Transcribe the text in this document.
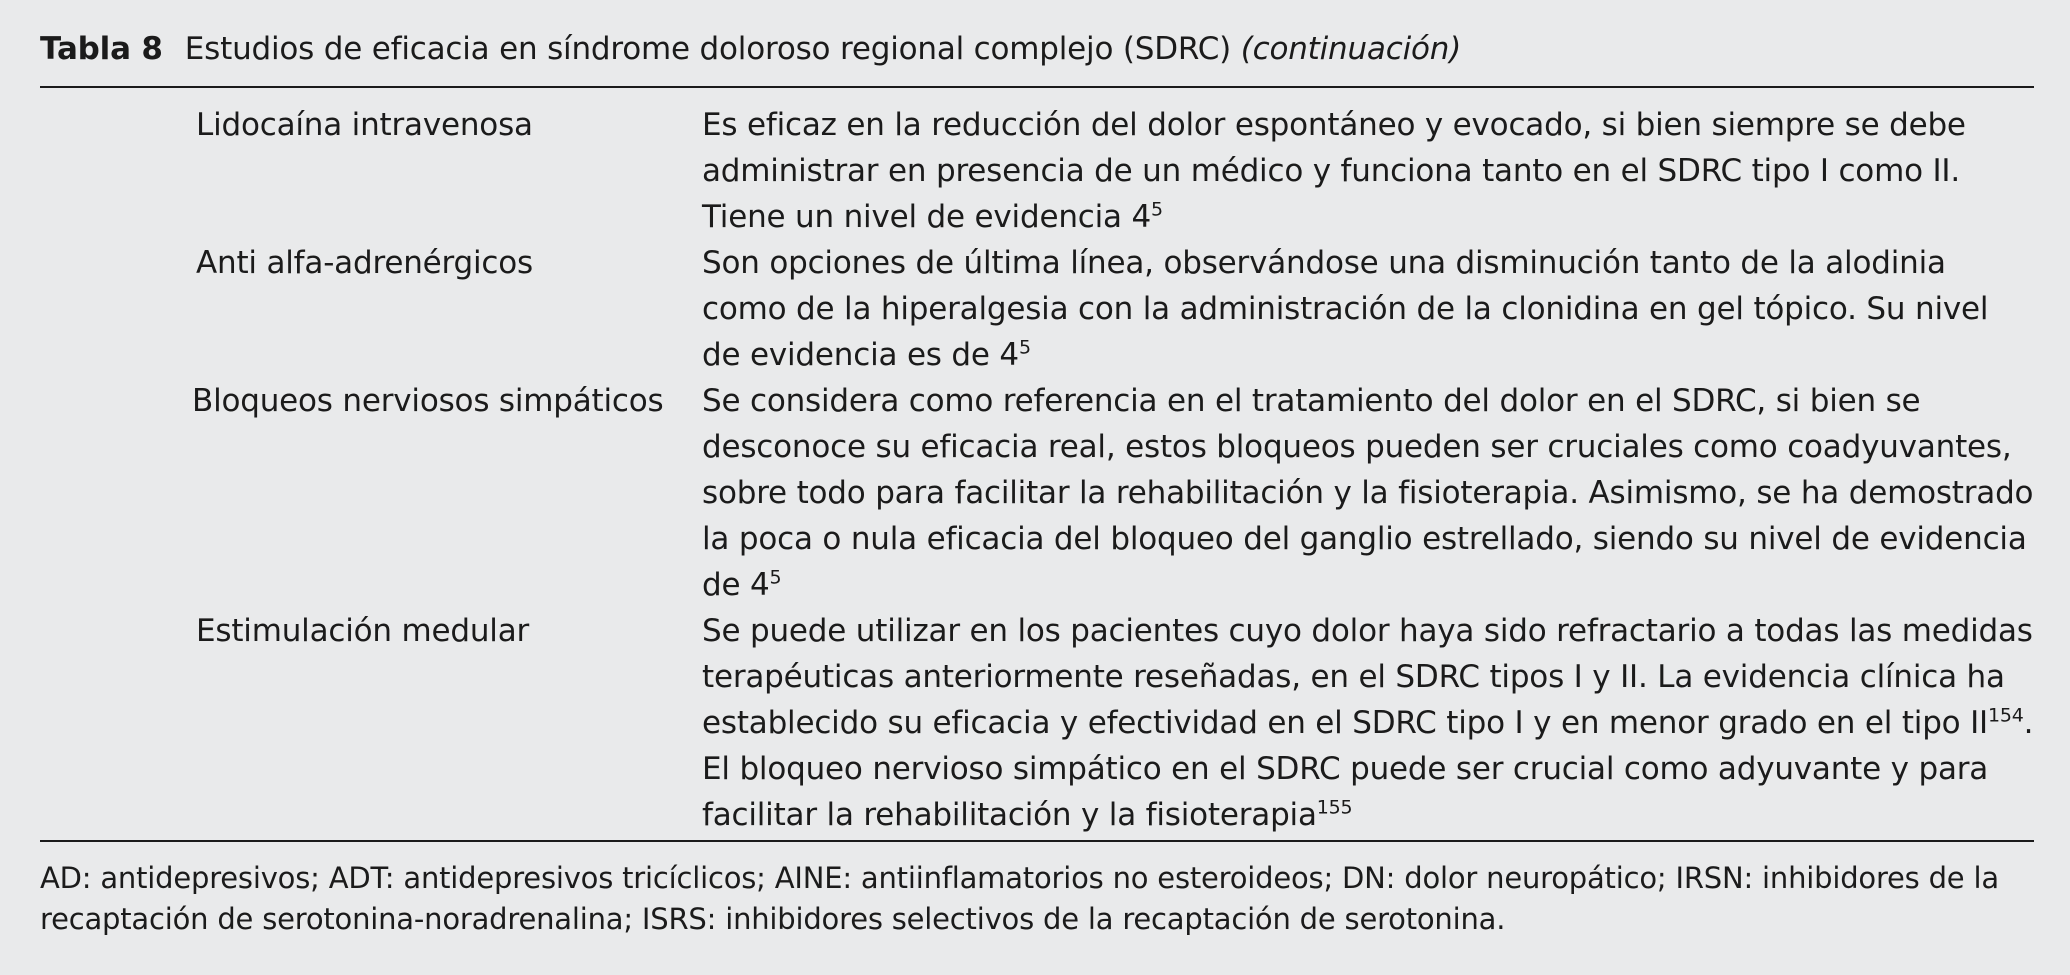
Tabla 8 Estudios de eficacia en síndrome doloroso regional complejo (SDRC) (continuación)
Lidocaína intravenosa	Es eficaz en la reducción del dolor espontáneo y evocado, si bien siempre se debe administrar en presencia de un médico y funciona tanto en el SDRC tipo I como II. Tiene un nivel de evidencia $4^5$
Anti alfa-adrenérgicos	Son opciones de última línea, observándose una disminución tanto de la alodinia como de la hiperalgesia con la administración de la clonidina en gel tópico. Su nivel de evidencia es de $4^5$
Bloqueos nerviosos simpáticos	Se considera como referencia en el tratamiento del dolor en el SDRC, si bien se desconoce su eficacia real, estos bloqueos pueden ser cruciales como coadyuvantes, sobre todo para facilitar la rehabilitación y la fisioterapia. Asimismo, se ha demostrado la poca o nula eficacia del bloqueo del ganglio estrellado, siendo su nivel de evidencia de $4^5$
Estimulación medular	Se puede utilizar en los pacientes cuyo dolor haya sido refractario a todas las medidas terapéuticas anteriormente reseñadas, en el SDRC tipos I y II. La evidencia clínica ha establecido su eficacia y efectividad en el SDRC tipo I y en menor grado en el tipo II$^{154}$. El bloqueo nervioso simpático en el SDRC puede ser crucial como adyuvante y para facilitar la rehabilitación y la fisioterapia$^{155}$
AD: antidepresivos; ADT: antidepresivos tricíclicos; AINE: antiinflamatorios no esteroideos; DN: dolor neuropático; IRSN: inhibidores de la recaptación de serotonina-noradrenalina; ISRS: inhibidores selectivos de la recaptación de serotonina.
